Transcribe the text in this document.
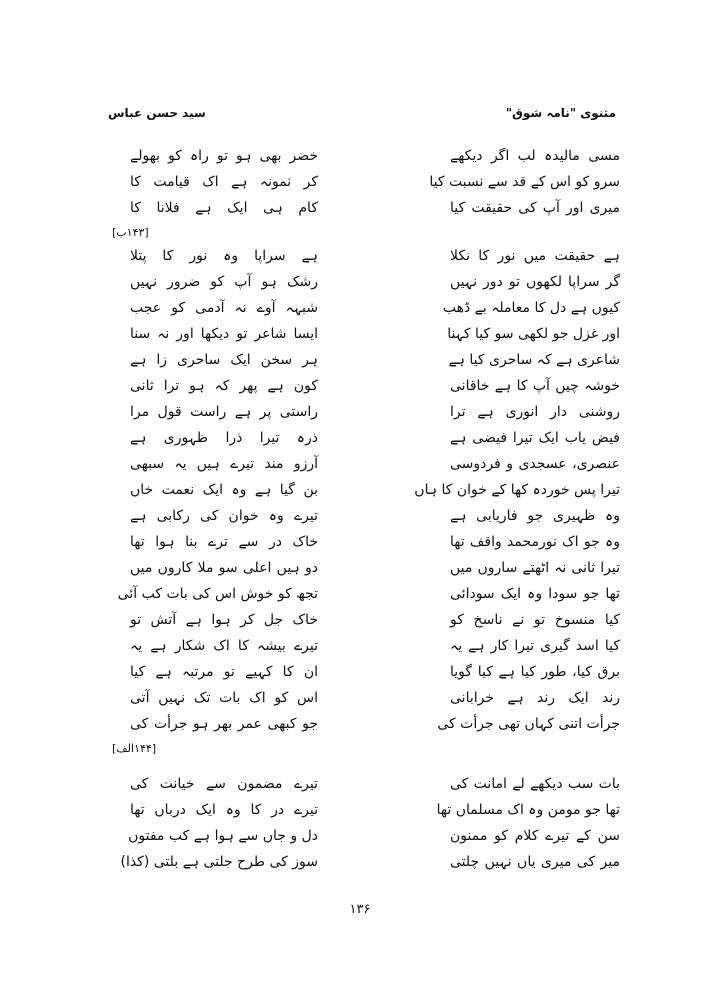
مثنوی "نامہ شوق"
سید حسن عباس
مسی مالیدہ لب اگر دیکھے
خضر بھی ہو تو راہ کو بھولے
سرو کو اس کے قد سے نسبت کیا
کر نمونہ ہے اک قیامت کا
میری اور آپ کی حقیقت کیا
کام ہی ایک ہے فلانا کا
[۱۴۳ب]
ہے حقیقت میں نور کا نکلا
ہے سراپا وہ نور کا پتلا
گر سراپا لکھوں تو دور نہیں
رشک ہو آپ کو ضرور نہیں
کیوں ہے دل کا معاملہ بے ڈھب
شبہہ آوے نہ آدمی کو عجب
اور غزل جو لکھی سو کیا کہنا
ایسا شاعر تو دیکھا اور نہ سنا
شاعری ہے کہ ساحری کیا ہے
ہر سخن ایک ساحری زا ہے
خوشہ چیں آپ کا ہے خاقانی
کون ہے پھر کہ ہو ترا ثانی
روشنی دار انوری ہے ترا
راستی پر ہے راست قول مرا
فیض یاب ایک تیرا فیضی ہے
ذرہ تیرا ذرا ظہوری ہے
عنصری، عسجدی و فردوسی
آرزو مند تیرے ہیں یہ سبھی
تیرا پس خوردہ کھا کے خوان کا ہاں
بن گیا ہے وہ ایک نعمت خاں
وہ ظہیری جو فاریابی ہے
تیرے وہ خوان کی رکابی ہے
وہ جو اک نورمحمد واقف تھا
خاک در سے ترے بنا ہوا تھا
تیرا ثانی نہ اٹھتے ساروں میں
دو ہیں اعلی سو ملا کاروں میں
تھا جو سودا وہ ایک سودائی
تجھ کو خوش اس کی بات کب آئی
کیا منسوخ تو نے ناسخ کو
خاک جل کر ہوا ہے آتش تو
کیا اسد گیری تیرا کار ہے یہ
تیرے بیشہ کا اک شکار ہے یہ
برق کیا، طور کیا ہے کیا گویا
ان کا کہیے تو مرتبہ ہے کیا
رند ایک رند ہے خرابانی
اس کو اک بات تک نہیں آتی
جرأت اتنی کہاں تھی جرأت کی
جو کبھی عمر بھر ہو جرأت کی
[۱۴۴الف]
بات سب دیکھے لے امانت کی
تیرے مضمون سے خیانت کی
تھا جو مومن وہ اک مسلماں تھا
تیرے در کا وہ ایک درباں تھا
سن کے تیرے کلام کو ممنون
دل و جاں سے ہوا ہے کب مفتوں
میر کی میری یاں نہیں چلتی
سوز کی طرح جلتی ہے بلتی (کذا)
۱۳۶
